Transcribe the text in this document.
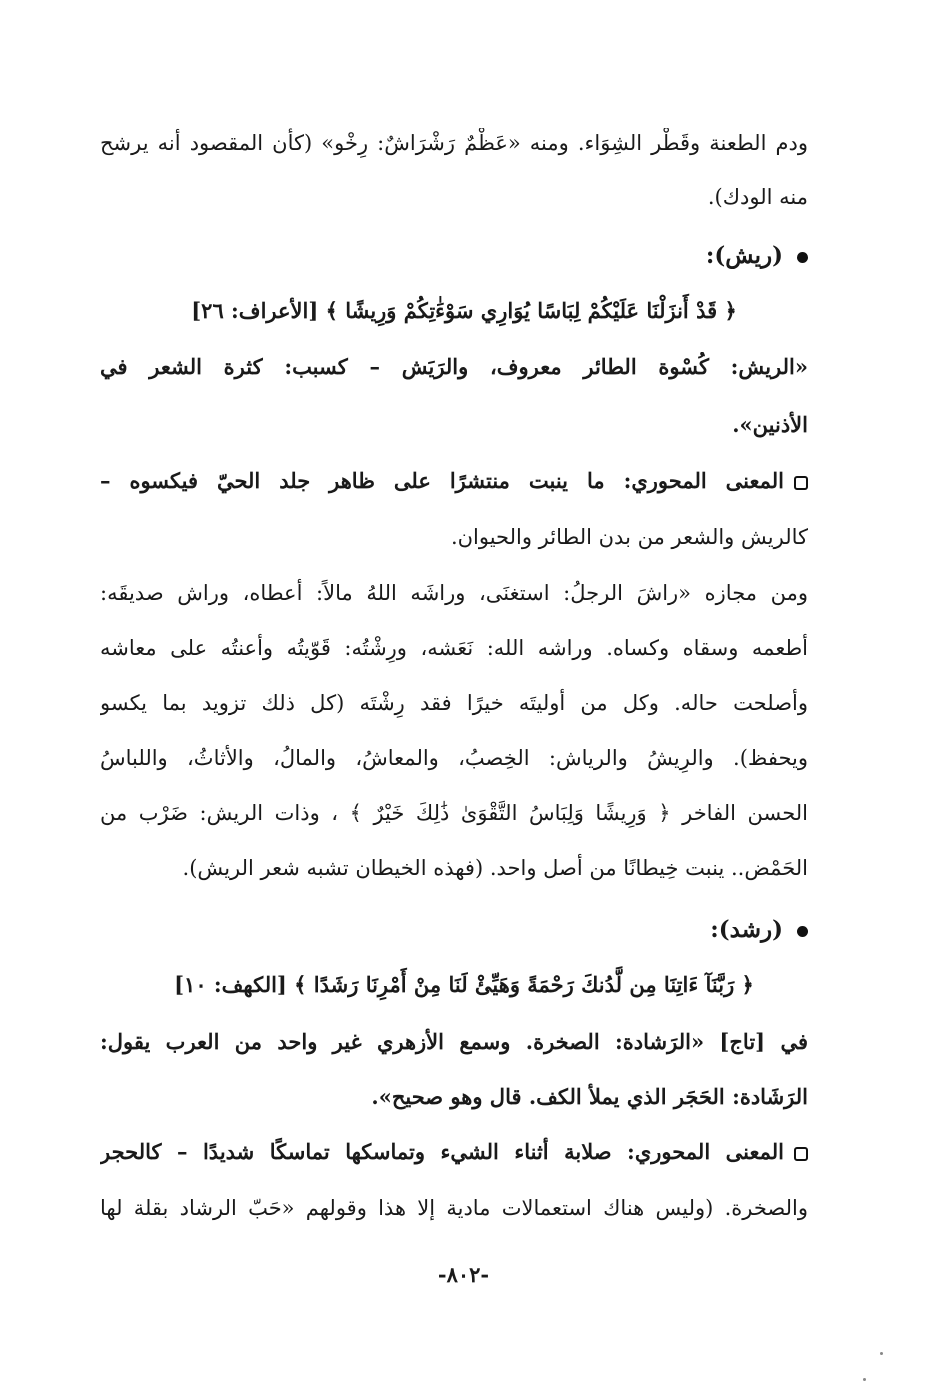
ودم الطعنة وقَطْر الشِوَاء. ومنه «عَظْمٌ رَشْرَاشٌ: رِخْو» (كأن المقصود أنه يرشح
منه الودك).
(ريش):
﴿ قَدْ أَنزَلْنَا عَلَيْكُمْ لِبَاسًا يُوَارِي سَوْءَٰتِكُمْ وَرِيشًا ﴾ [الأعراف: ٢٦]
«الريش: كُسْوة الطائر معروف، والرَيَش – كسبب: كثرة الشعر في
الأذنين».
المعنى المحوري: ما ينبت منتشرًا على ظاهر جلد الحيّ فيكسوه –
كالريش والشعر من بدن الطائر والحيوان.
ومن مجازه «راشَ الرجلُ: استغنَى، وراشَه اللهُ مالاً: أعطاه، وراش صديقَه:
أطعمه وسقاه وكساه. وراشه الله: نَعَشه، ورِشْتُه: قَوّيتُه وأعنتُه على معاشه
وأصلحت حاله. وكل من أوليتَه خيرًا فقد رِشْتَه (كل ذلك تزويد بما يكسو
ويحفظ). والرِيشُ والرياش: الخِصبُ، والمعاشُ، والمالُ، والأثاثُ، واللباسُ
الحسن الفاخر ﴿ وَرِيشًا وَلِبَاسُ التَّقْوَىٰ ذَٰلِكَ خَيْرٌ ﴾ ، وذات الريش: ضَرْب من
الحَمْض.. ينبت خِيطانًا من أصل واحد. (فهذه الخيطان تشبه شعر الريش).
(رشد):
﴿ رَبَّنَآ ءَاتِنَا مِن لَّدُنكَ رَحْمَةً وَهَيِّئْ لَنَا مِنْ أَمْرِنَا رَشَدًا ﴾ [الكهف: ١٠]
في [تاج] «الرَشادة: الصخرة. وسمع الأزهري غير واحد من العرب يقول:
الرَشَادة: الحَجَر الذي يملأ الكف. قال وهو صحيح».
المعنى المحوري: صلابة أثناء الشيء وتماسكها تماسكًا شديدًا – كالحجر
والصخرة. (وليس هناك استعمالات مادية إلا هذا وقولهم «حَبّ الرشاد بقلة لها
-٨٠٢-
